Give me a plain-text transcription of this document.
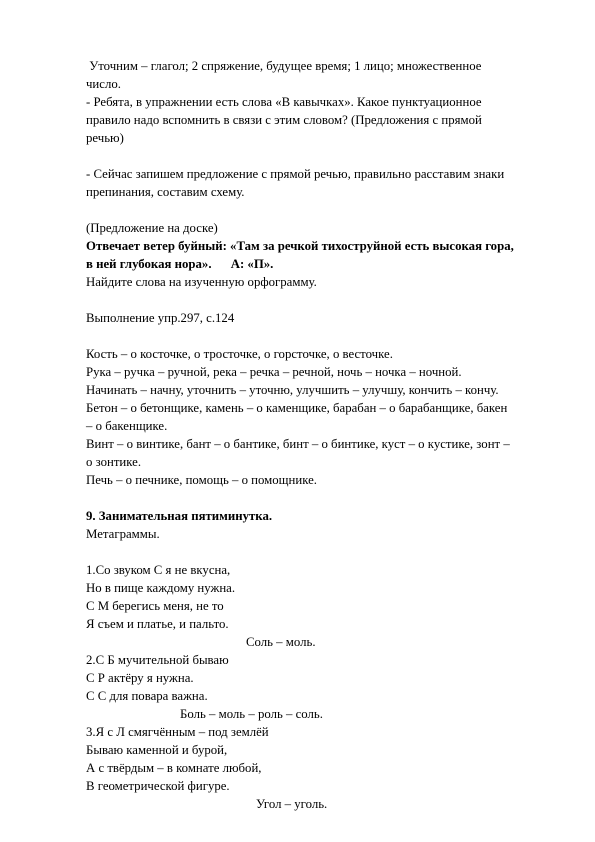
Уточним – глагол; 2 спряжение, будущее время; 1 лицо; множественное
число.
- Ребята, в упражнении есть слова «В кавычках». Какое пунктуационное
правило надо вспомнить в связи с этим словом? (Предложения с прямой
речью)
- Сейчас запишем предложение с прямой речью, правильно расставим знаки
препинания, составим схему.
(Предложение на доске)
Отвечает ветер буйный: «Там за речкой тихоструйной есть высокая гора,
в ней глубокая нора». А: «П».
Найдите слова на изученную орфограмму.
Выполнение упр.297, с.124
Кость – о косточке, о тросточке, о горсточке, о весточке.
Рука – ручка – ручной, река – речка – речной, ночь – ночка – ночной.
Начинать – начну, уточнить – уточню, улучшить – улучшу, кончить – кончу.
Бетон – о бетонщике, камень – о каменщике, барабан – о барабанщике, бакен
– о бакенщике.
Винт – о винтике, бант – о бантике, бинт – о бинтике, куст – о кустике, зонт –
о зонтике.
Печь – о печнике, помощь – о помощнике.
9. Занимательная пятиминутка.
Метаграммы.
1.Со звуком С я не вкусна,
Но в пище каждому нужна.
С М берегись меня, не то
Я съем и платье, и пальто.
Соль – моль.
2.С Б мучительной бываю
С Р актёру я нужна.
С С для повара важна.
Боль – моль – роль – соль.
3.Я с Л смягчённым – под землёй
Бываю каменной и бурой,
А с твёрдым – в комнате любой,
В геометрической фигуре.
Угол – уголь.
